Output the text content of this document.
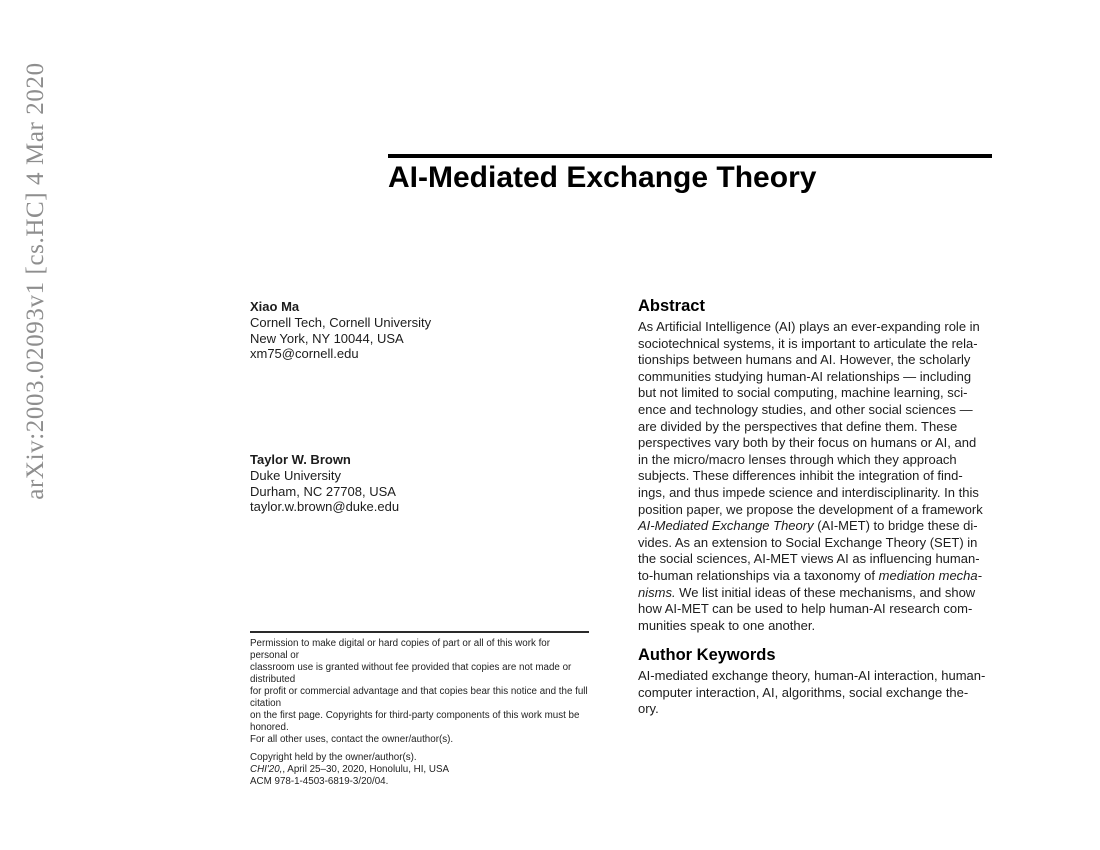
arXiv:2003.02093v1 [cs.HC] 4 Mar 2020	AI-Mediated Exchange Theory
Xiao Ma
Cornell Tech, Cornell University
New York, NY 10044, USA
xm75@cornell.edu
Taylor W. Brown
Duke University
Durham, NC 27708, USA
taylor.w.brown@duke.edu
Permission to make digital or hard copies of part or all of this work for personal or
classroom use is granted without fee provided that copies are not made or distributed
for profit or commercial advantage and that copies bear this notice and the full citation
on the first page. Copyrights for third-party components of this work must be honored.
For all other uses, contact the owner/author(s).
Copyright held by the owner/author(s).
CHI'20,, April 25–30, 2020, Honolulu, HI, USA
ACM 978-1-4503-6819-3/20/04.
Abstract
As Artificial Intelligence (AI) plays an ever-expanding role in
sociotechnical systems, it is important to articulate the rela-
tionships between humans and AI. However, the scholarly
communities studying human-AI relationships — including
but not limited to social computing, machine learning, sci-
ence and technology studies, and other social sciences —
are divided by the perspectives that define them. These
perspectives vary both by their focus on humans or AI, and
in the micro/macro lenses through which they approach
subjects. These differences inhibit the integration of find-
ings, and thus impede science and interdisciplinarity. In this
position paper, we propose the development of a framework
AI-Mediated Exchange Theory (AI-MET) to bridge these di-
vides. As an extension to Social Exchange Theory (SET) in
the social sciences, AI-MET views AI as influencing human-
to-human relationships via a taxonomy of mediation mecha-
nisms. We list initial ideas of these mechanisms, and show
how AI-MET can be used to help human-AI research com-
munities speak to one another.
Author Keywords
AI-mediated exchange theory, human-AI interaction, human-
computer interaction, AI, algorithms, social exchange the-
ory.
